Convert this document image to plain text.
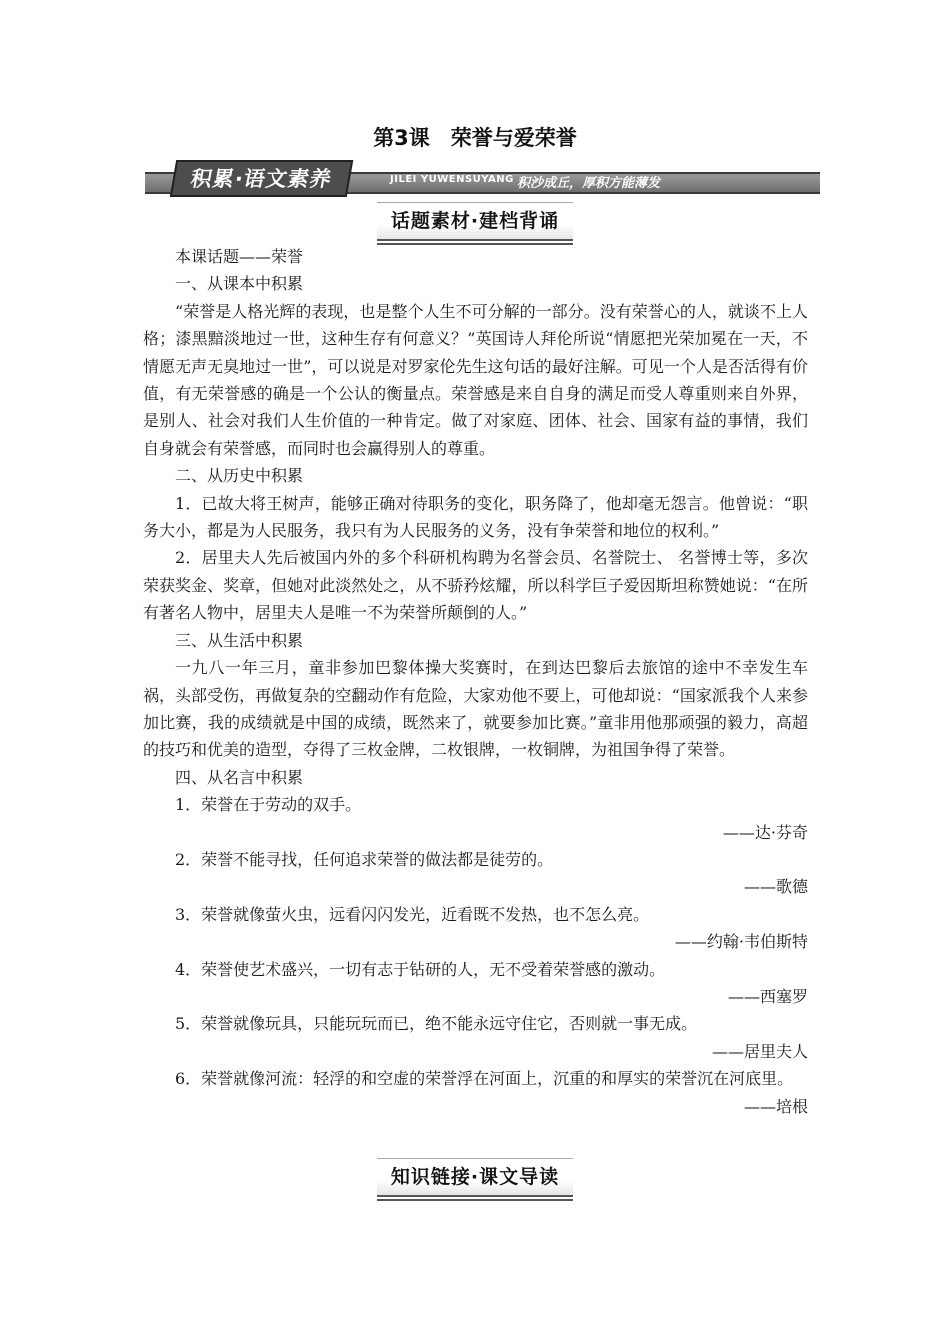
第3课　荣誉与爱荣誉
积累·语文素养	JILEI YUWENSUYANG 积沙成丘，厚积方能薄发
话题素材·建档背诵

本课话题——荣誉

一、从课本中积累

“荣誉是人格光辉的表现，也是整个人生不可分解的一部分。没有荣誉心的人，就谈不上人格；漆黑黯淡地过一世，这种生存有何意义？”英国诗人拜伦所说“情愿把光荣加冕在一天，不情愿无声无臭地过一世”，可以说是对罗家伦先生这句话的最好注解。可见一个人是否活得有价值，有无荣誉感的确是一个公认的衡量点。荣誉感是来自自身的满足而受人尊重则来自外界，是别人、社会对我们人生价值的一种肯定。做了对家庭、团体、社会、国家有益的事情，我们自身就会有荣誉感，而同时也会赢得别人的尊重。

二、从历史中积累

1．已故大将王树声，能够正确对待职务的变化，职务降了，他却毫无怨言。他曾说：“职务大小，都是为人民服务，我只有为人民服务的义务，没有争荣誉和地位的权利。”

2．居里夫人先后被国内外的多个科研机构聘为名誉会员、名誉院士、 名誉博士等，多次荣获奖金、奖章，但她对此淡然处之，从不骄矜炫耀，所以科学巨子爱因斯坦称赞她说：“在所有著名人物中，居里夫人是唯一不为荣誉所颠倒的人。”

三、从生活中积累

一九八一年三月，童非参加巴黎体操大奖赛时，在到达巴黎后去旅馆的途中不幸发生车祸，头部受伤，再做复杂的空翻动作有危险，大家劝他不要上，可他却说：“国家派我个人来参加比赛，我的成绩就是中国的成绩，既然来了，就要参加比赛。”童非用他那顽强的毅力，高超的技巧和优美的造型，夺得了三枚金牌，二枚银牌，一枚铜牌，为祖国争得了荣誉。

四、从名言中积累

1．荣誉在于劳动的双手。

——达·芬奇

2．荣誉不能寻找，任何追求荣誉的做法都是徒劳的。

——歌德

3．荣誉就像萤火虫，远看闪闪发光，近看既不发热，也不怎么亮。

——约翰·韦伯斯特

4．荣誉使艺术盛兴，一切有志于钻研的人，无不受着荣誉感的激动。

——西塞罗

5．荣誉就像玩具，只能玩玩而已，绝不能永远守住它，否则就一事无成。

——居里夫人

6．荣誉就像河流：轻浮的和空虚的荣誉浮在河面上，沉重的和厚实的荣誉沉在河底里。

——培根

知识链接·课文导读
